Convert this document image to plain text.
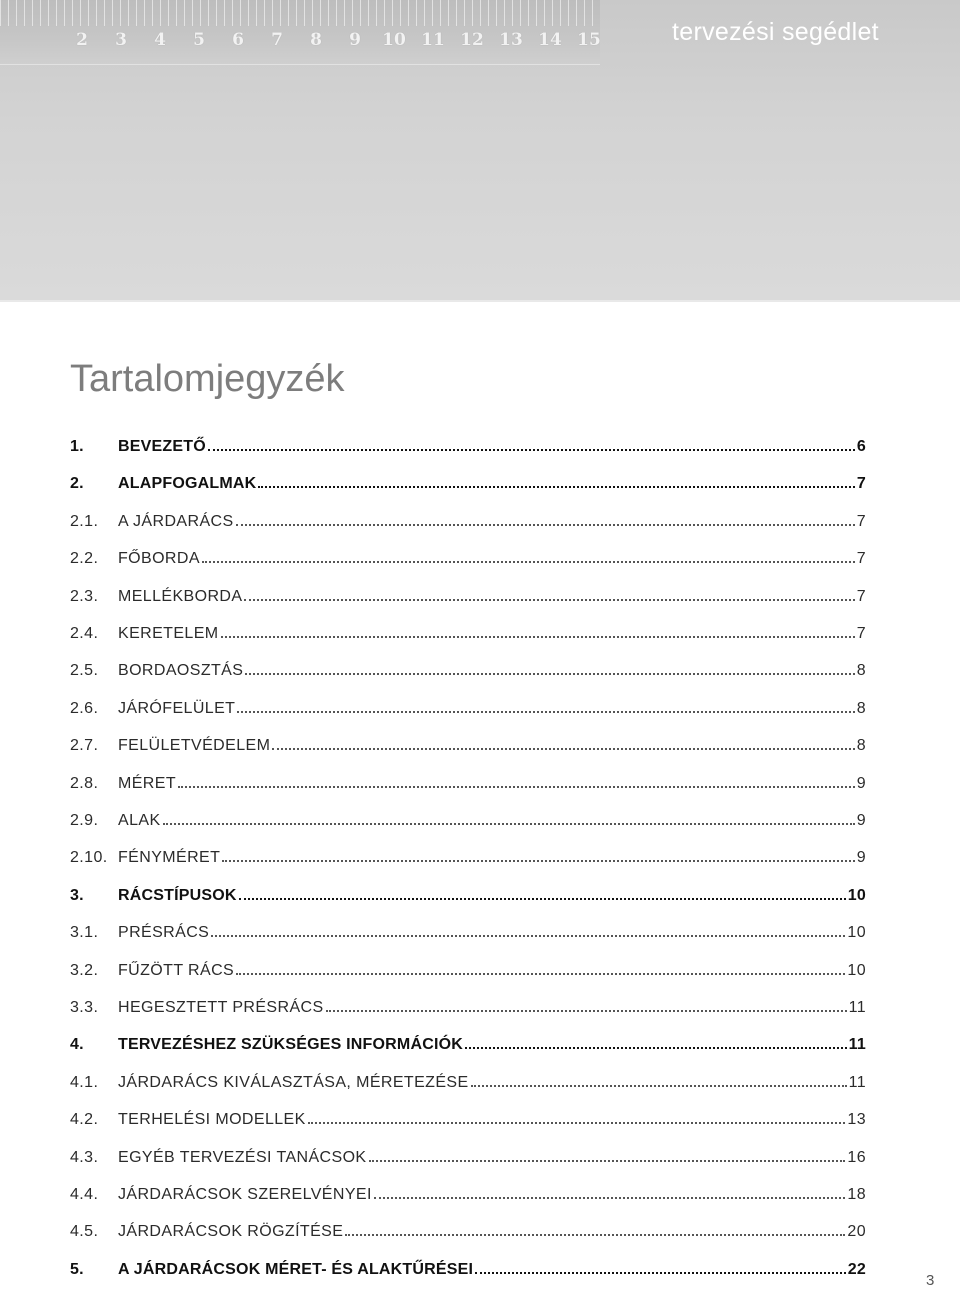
2	3	4	5	6	7	8	9	10 11 12 13 14 15	tervezési segédlet
Tartalomjegyzék
1.	BEVEZETŐ	6
2.	ALAPFOGALMAK	7
2.1.	A JÁRDARÁCS	7
2.2.	FŐBORDA	7
2.3.	MELLÉKBORDA	7
2.4.	KERETELEM	7
2.5.	BORDAOSZTÁS	8
2.6.	JÁRÓFELÜLET	8
2.7.	FELÜLETVÉDELEM	8
2.8.	MÉRET	9
2.9.	ALAK	9
2.10. FÉNYMÉRET	9
3.	RÁCSTÍPUSOK	10
3.1.	PRÉSRÁCS	10
3.2.	FŰZÖTT RÁCS	10
3.3.	HEGESZTETT PRÉSRÁCS	11
4.	TERVEZÉSHEZ SZÜKSÉGES INFORMÁCIÓK	11
4.1.	JÁRDARÁCS KIVÁLASZTÁSA, MÉRETEZÉSE	11
4.2.	TERHELÉSI MODELLEK	13
4.3.	EGYÉB TERVEZÉSI TANÁCSOK	16
4.4.	JÁRDARÁCSOK SZERELVÉNYEI	18
4.5.	JÁRDARÁCSOK RÖGZÍTÉSE	20
5.	A JÁRDARÁCSOK MÉRET- ÉS ALAKTŰRÉSEI	22
3
